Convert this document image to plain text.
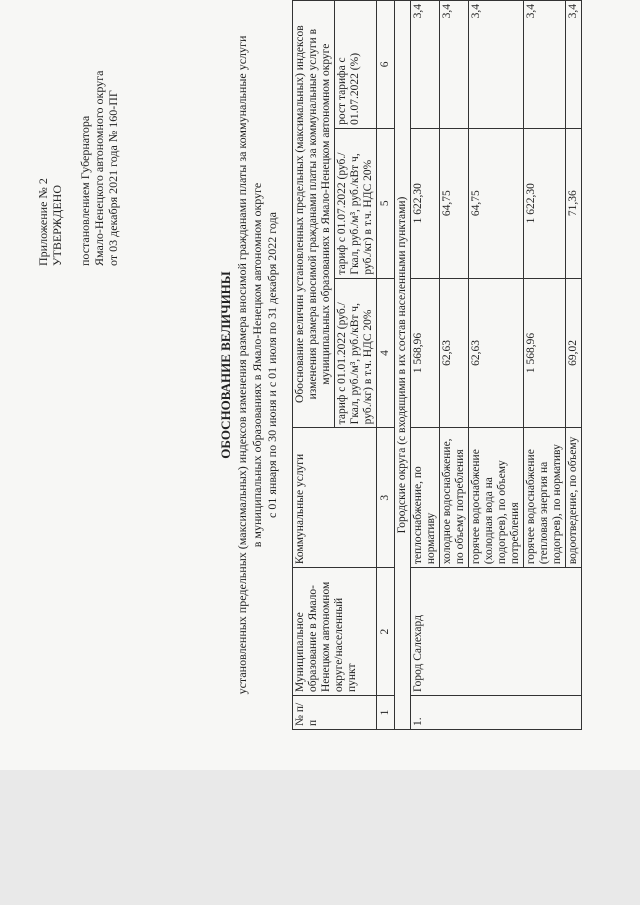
Приложение № 2 УТВЕРЖДЕНО постановлением Губернатора Ямало-Ненецкого автономного округа от 03 декабря 2021 года № 160-ПГ
ОБОСНОВАНИЕ ВЕЛИЧИНЫ установленных предельных (максимальных) индексов изменения размера вносимой гражданами платы за коммунальные услуги в муниципальных образованиях в Ямало-Ненецком автономном округе с 01 января по 30 июня и с 01 июля по 31 декабря 2022 года
№ п/п	Муниципальное образование в Ямало-Ненецком автономном округе/населенный пункт	Коммунальные услуги	Обоснование величин установленных предельных (максимальных) индексов изменения размера вносимой гражданами платы за коммунальные услуги в муниципальных образованиях в Ямало-Ненецком автономном округе		
			тариф с 01.01.2022 (руб./Гкал, руб./м³, руб./кВт ч, руб./кг) в т.ч. НДС 20%	тариф с 01.07.2022 (руб./Гкал, руб./м³, руб./кВт ч, руб./кг) в т.ч. НДС 20%	рост тарифа с 01.07.2022 (%)
1	2	3	4	5	6
Городские округа (с входящими в их состав населенными пунктами)					
1.	Город Салехард	теплоснабжение, по нормативу	1 568,96	1 622,30	3,4
		холодное водоснабжение, по объему потребления	62,63	64,75	3,4
		горячее водоснабжение (холодная вода на подогрев), по объему потребления	62,63	64,75	3,4
		горячее водоснабжение (тепловая энергия на подогрев), по нормативу	1 568,96	1 622,30	3,4
		водоотведение, по объему	69,02	71,36	3,4
